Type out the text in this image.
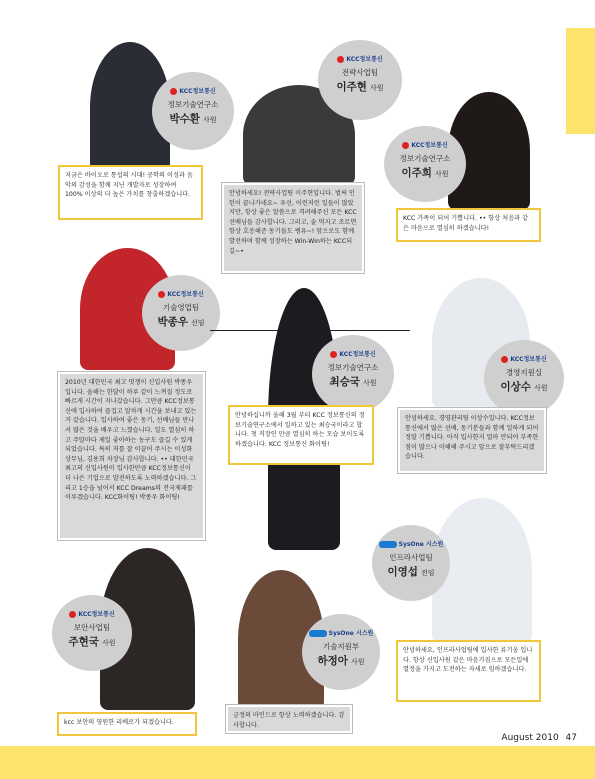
KCC정보통신
정보기술연구소
박수환 사원
지금은 바이오로 통섭의 시대! 공학의 이성과 음악의 감성을 함께 지닌 개발자로 성장하여 100% 이상의 더 높은 가치를 창출하겠습니다.
KCC정보통신
전략사업팀
이주현 사원
안녕하세요! 전략사업팀 이주현입니다. 벌써 인턴이 끝나가네요~ 우선, 이런저런 일들이 많았지만, 항상 좋은 말씀으로 격려해주신 모든 KCC선배님들 감사합니다. 그리고, 술 먹지고 조르면 항상 호응해준 동기들도 쌩유~! 앞으로도 함께 발전하며 함께 성장하는 Win-Win하는 KCC되길~•
KCC정보통신
정보기술연구소
이주희 사원
KCC 가족이 되어 기쁩니다. •• 항상 처음과 같은 마음으로 열심히 하겠습니다!
KCC정보통신
기술영업팀
박종우 선임
2010년 대한민국 최고 멋쟁이 신입사원 박종우 입니다. 올해는 한달이 하루 같이 느껴질 정도로 빠르게 시간이 지나갔습니다. 그만큼 KCC정보통신에 입사하여 즐겁고 알차게 시간을 보내고 있는거 같습니다. 입사하여 좋은 동기, 선배님들 만나서 많은 것을 배우고 느꼈습니다. 일도 열심히 하고 주말마다 제일 좋아하는 농구도 즐길 수 있게 되었습니다. 특히 저를 잘 이끌어 주시는 이성화 상무님, 김용희 차장님 감사합니다. •• 대한민국 최고의 신입사원이 입사한만큼 KCC정보통신이 더 나은 기업으로 발전하도록 노력하겠습니다. 그리고 1승을 넘어서 KCC Dreams의 전국제패를 이루겠습니다. KCC화이팅! 박종우 화이팅!
KCC정보통신
정보기술연구소
최승국 사원
안녕하십니까 올해 3월 부터 KCC 정보통신의 정보기술연구소에서 일하고 있는 최승국이라고 합니다. 첫 직장인 만큼 열심히 하는 모습 보이도록 하겠습니다. KCC 정보통신 화이팅!
KCC정보통신
경영지원실
이상수 사원
안녕하세요. 경영관리팀 이상수입니다. KCC정보통신에서 많은 선배, 동기분들과 함께 일하게 되어 정말 기쁩니다. 아직 입사한지 얼마 안되어 부족한점이 많으나 이해해 주시고 앞으로 잘부탁드리겠습니다.
SysOne 시스원
인프라사업팀
이영섭 전임
안녕하세요, 인프라사업팀에 입사한 류기웅 입니다. 항상 신입사원 같은 마음가짐으로 모든일에 열정을 가지고 도전하는 자세로 임하겠습니다.
KCC정보통신
보안사업팀
주현국 사원
kcc 보안의 영원한 리베로가 되겠습니다.
SysOne 시스원
기술지원부
하정아 사원
긍정의 마인드로 항상 노력하겠습니다. 감사합니다.
August 2010 47
